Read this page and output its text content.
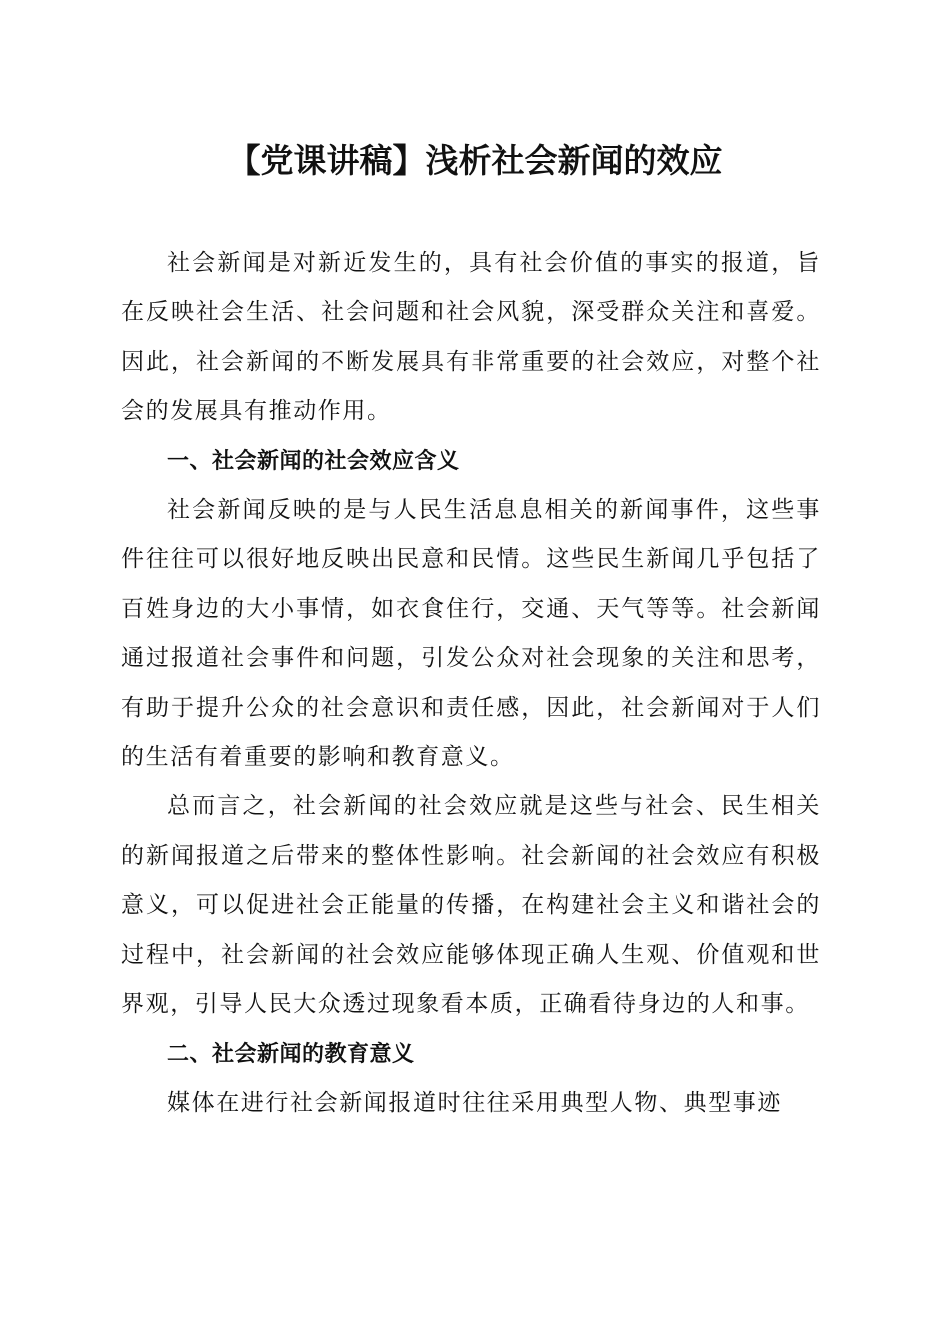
【党课讲稿】浅析社会新闻的效应

社会新闻是对新近发生的，具有社会价值的事实的报道，旨在反映社会生活、社会问题和社会风貌，深受群众关注和喜爱。因此，社会新闻的不断发展具有非常重要的社会效应，对整个社会的发展具有推动作用。

一、社会新闻的社会效应含义

社会新闻反映的是与人民生活息息相关的新闻事件，这些事件往往可以很好地反映出民意和民情。这些民生新闻几乎包括了百姓身边的大小事情，如衣食住行，交通、天气等等。社会新闻通过报道社会事件和问题，引发公众对社会现象的关注和思考，有助于提升公众的社会意识和责任感，因此，社会新闻对于人们的生活有着重要的影响和教育意义。

总而言之，社会新闻的社会效应就是这些与社会、民生相关的新闻报道之后带来的整体性影响。社会新闻的社会效应有积极意义，可以促进社会正能量的传播，在构建社会主义和谐社会的过程中，社会新闻的社会效应能够体现正确人生观、价值观和世界观，引导人民大众透过现象看本质，正确看待身边的人和事。

二、社会新闻的教育意义

媒体在进行社会新闻报道时往往采用典型人物、典型事迹
